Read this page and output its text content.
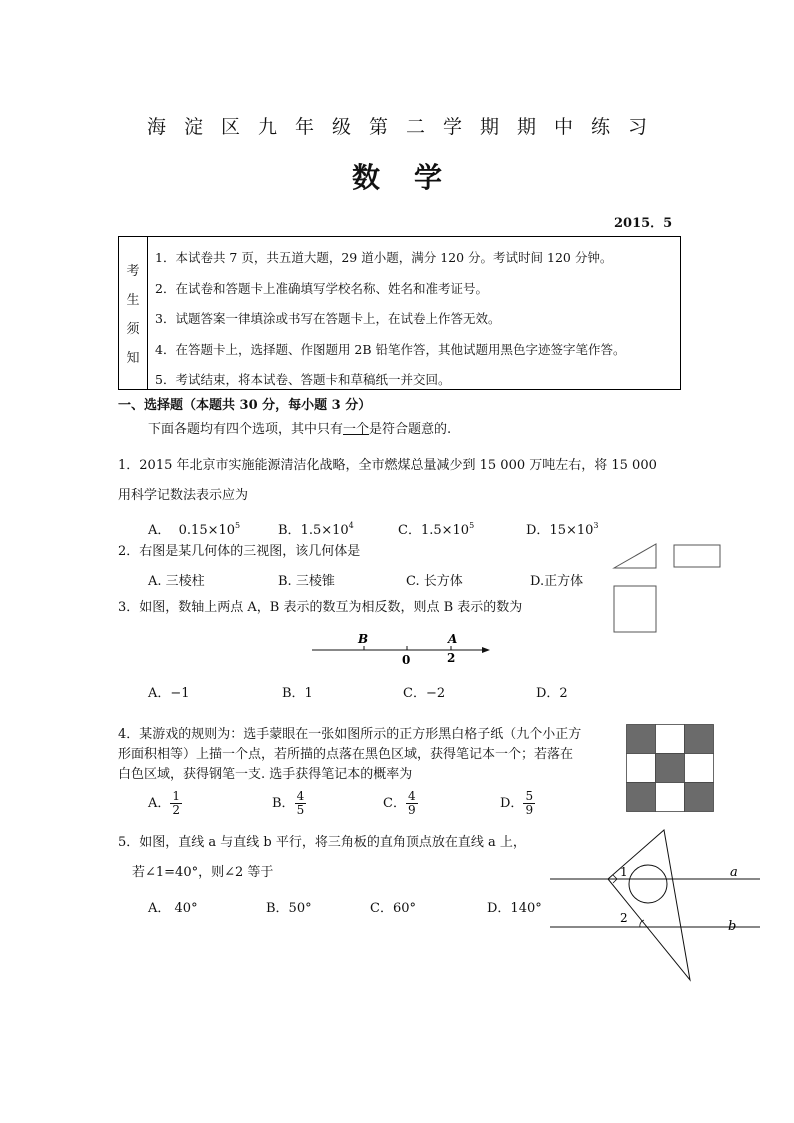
海淀区九年级第二学期期中练习
数学
2015．5
考
生
须
知
1．本试卷共 7 页，共五道大题，29 道小题，满分 120 分。考试时间 120 分钟。
2．在试卷和答题卡上准确填写学校名称、姓名和准考证号。
3．试题答案一律填涂或书写在答题卡上，在试卷上作答无效。
4．在答题卡上，选择题、作图题用 2B 铅笔作答，其他试题用黑色字迹签字笔作答。
5．考试结束，将本试卷、答题卡和草稿纸一并交回。
一、选择题（本题共 30 分，每小题 3 分）
下面各题均有四个选项，其中只有一个是符合题意的.
1．2015 年北京市实施能源清洁化战略，全市燃煤总量减少到 15 000 万吨左右，将 15 000
用科学记数法表示应为
A． $0.15\times 10^5$	B．$1.5\times 10^4$	C．$1.5\times 10^5$	D．$15\times 10^3$
2．右图是某几何体的三视图，该几何体是
A. 三棱柱	B. 三棱锥	C. 长方体	D.正方体
3．如图，数轴上两点 A，B 表示的数互为相反数，则点 B 表示的数为
B	A
0	2
A．−1	B．1	C．−2	D．2
4．某游戏的规则为：选手蒙眼在一张如图所示的正方形黑白格子纸（九个小正方
形面积相等）上描一个点，若所描的点落在黑色区域，获得笔记本一个；若落在
白色区域，获得钢笔一支. 选手获得笔记本的概率为
A． $\frac{1}{2}$	B． $\frac{4}{5}$	C． $\frac{4}{9}$	D． $\frac{5}{9}$
5．如图，直线 a 与直线 b 平行，将三角板的直角顶点放在直线 a 上，
若∠1=40°，则∠2 等于
A． 40°	B．50°	C．60°	D．140°
1
2
a
b
